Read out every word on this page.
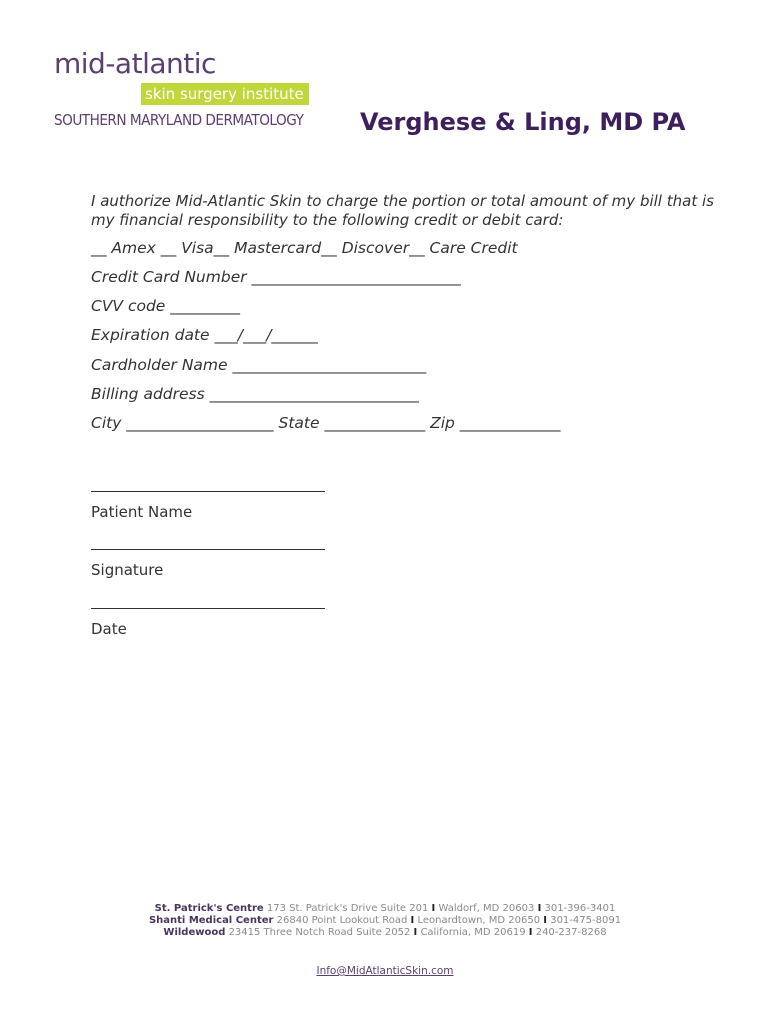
mid-atlantic
skin surgery institute
SOUTHERN MARYLAND DERMATOLOGY Verghese & Ling, MD PA
I authorize Mid-Atlantic Skin to charge the portion or total amount of my bill that is my financial responsibility to the following credit or debit card:
__ Amex __ Visa__ Mastercard__ Discover__ Care Credit
Credit Card Number ___________________________
CVV code _________
Expiration date ___/___/______
Cardholder Name _________________________
Billing address ___________________________
City ___________________ State _____________ Zip _____________
Patient Name
Signature
Date
St. Patrick's Centre 173 St. Patrick's Drive Suite 201 I Waldorf, MD 20603 I 301-396-3401
Shanti Medical Center 26840 Point Lookout Road I Leonardtown, MD 20650 I 301-475-8091
Wildewood 23415 Three Notch Road Suite 2052 I California, MD 20619 I 240-237-8268
Info@MidAtlanticSkin.com
